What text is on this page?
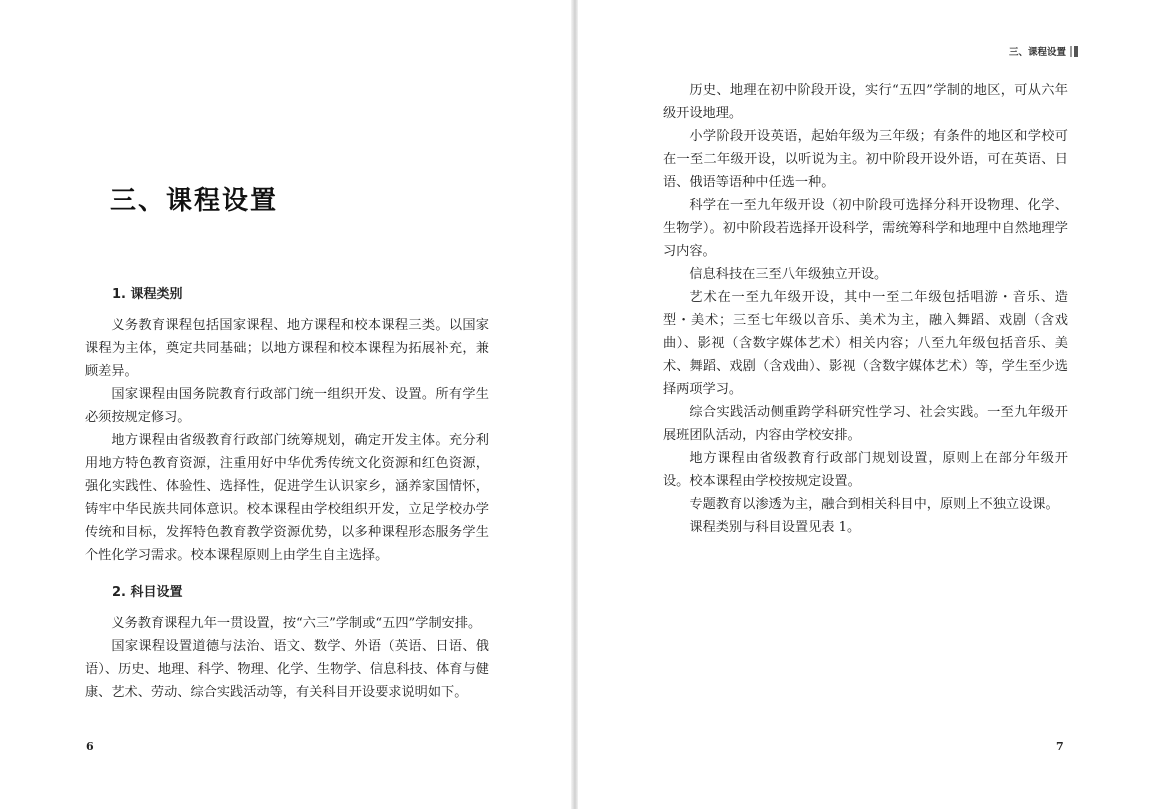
三、课程设置
1. 课程类别

义务教育课程包括国家课程、地方课程和校本课程三类。以国家课程为主体，奠定共同基础；以地方课程和校本课程为拓展补充，兼顾差异。

国家课程由国务院教育行政部门统一组织开发、设置。所有学生必须按规定修习。

地方课程由省级教育行政部门统筹规划，确定开发主体。充分利用地方特色教育资源，注重用好中华优秀传统文化资源和红色资源，强化实践性、体验性、选择性，促进学生认识家乡，涵养家国情怀，铸牢中华民族共同体意识。校本课程由学校组织开发，立足学校办学传统和目标，发挥特色教育教学资源优势，以多种课程形态服务学生个性化学习需求。校本课程原则上由学生自主选择。

2. 科目设置

义务教育课程九年一贯设置，按“六三”学制或“五四”学制安排。

国家课程设置道德与法治、语文、数学、外语（英语、日语、俄语）、历史、地理、科学、物理、化学、生物学、信息科技、体育与健康、艺术、劳动、综合实践活动等，有关科目开设要求说明如下。

6
三、课程设置

历史、地理在初中阶段开设，实行“五四”学制的地区，可从六年级开设地理。

小学阶段开设英语，起始年级为三年级；有条件的地区和学校可在一至二年级开设，以听说为主。初中阶段开设外语，可在英语、日语、俄语等语种中任选一种。

科学在一至九年级开设（初中阶段可选择分科开设物理、化学、生物学）。初中阶段若选择开设科学，需统筹科学和地理中自然地理学习内容。

信息科技在三至八年级独立开设。

艺术在一至九年级开设，其中一至二年级包括唱游・音乐、造型・美术；三至七年级以音乐、美术为主，融入舞蹈、戏剧（含戏曲）、影视（含数字媒体艺术）相关内容；八至九年级包括音乐、美术、舞蹈、戏剧（含戏曲）、影视（含数字媒体艺术）等，学生至少选择两项学习。

综合实践活动侧重跨学科研究性学习、社会实践。一至九年级开展班团队活动，内容由学校安排。

地方课程由省级教育行政部门规划设置，原则上在部分年级开设。校本课程由学校按规定设置。

专题教育以渗透为主，融合到相关科目中，原则上不独立设课。

课程类别与科目设置见表 1。

7
